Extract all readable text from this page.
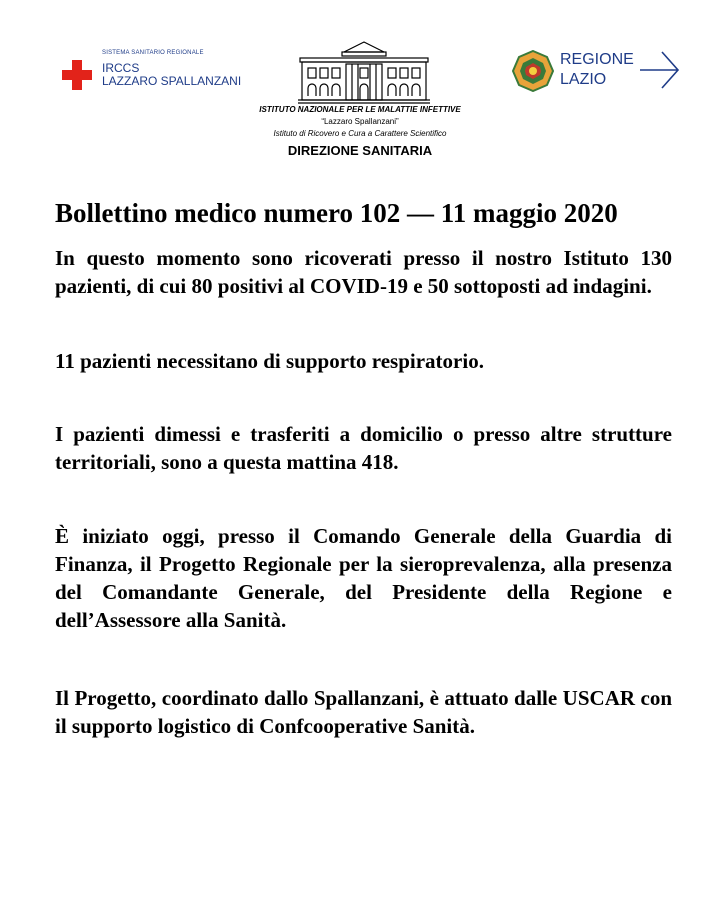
SISTEMA SANITARIO REGIONALE
IRCCS
LAZZARO SPALLANZANI
REGIONE
LAZIO
ISTITUTO NAZIONALE PER LE MALATTIE INFETTIVE
“Lazzaro Spallanzani”
Istituto di Ricovero e Cura a Carattere Scientifico
DIREZIONE SANITARIA
Bollettino medico numero 102 — 11 maggio 2020

In questo momento sono ricoverati presso il nostro Istituto 130 pazienti, di cui 80 positivi al COVID-19 e 50 sottoposti ad indagini.

11 pazienti necessitano di supporto respiratorio.

I pazienti dimessi e trasferiti a domicilio o presso altre strutture territoriali, sono a questa mattina 418.

È iniziato oggi, presso il Comando Generale della Guardia di Finanza, il Progetto Regionale per la sieroprevalenza, alla presenza del Comandante Generale, del Presidente della Regione e dell’Assessore alla Sanità.

Il Progetto, coordinato dallo Spallanzani, è attuato dalle USCAR con il supporto logistico di Confcooperative Sanità.
